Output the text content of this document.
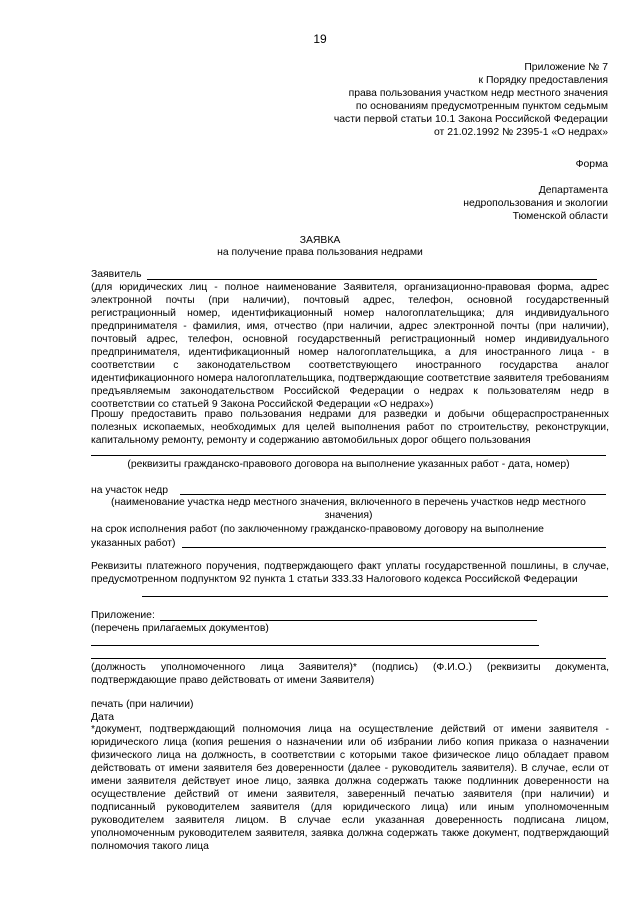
19
Приложение № 7
к Порядку предоставления
права пользования участком недр местного значения
по основаниям предусмотренным пунктом седьмым
части первой статьи 10.1 Закона Российской Федерации
от 21.02.1992 № 2395-1 «О недрах»
Форма
Департамента
недропользования и экологии
Тюменской области
ЗАЯВКА
на получение права пользования недрами
Заявитель

(для юридических лиц - полное наименование Заявителя, организационно-правовая форма, адрес электронной почты (при наличии), почтовый адрес, телефон, основной государственный регистрационный номер, идентификационный номер налогоплательщика; для индивидуального предпринимателя - фамилия, имя, отчество (при наличии, адрес электронной почты (при наличии), почтовый адрес, телефон, основной государственный регистрационный номер индивидуального предпринимателя, идентификационный номер налогоплательщика, а для иностранного лица - в соответствии с законодательством соответствующего иностранного государства аналог идентификационного номера налогоплательщика, подтверждающие соответствие заявителя требованиям предъявляемым законодательством Российской Федерации о недрах к пользователям недр в соответствии со статьей 9 Закона Российской Федерации «О недрах»)

Прошу предоставить право пользования недрами для разведки и добычи общераспространенных полезных ископаемых, необходимых для целей выполнения работ по строительству, реконструкции, капитальному ремонту, ремонту и содержанию автомобильных дорог общего пользования

(реквизиты гражданско-правового договора на выполнение указанных работ - дата, номер)
на участок недр
(наименование участка недр местного значения, включенного в перечень участков недр местного
значения)

на срок исполнения работ (по заключенному гражданско-правовому договору на выполнение

указанных работ)

Реквизиты платежного поручения, подтверждающего факт уплаты государственной пошлины, в случае, предусмотренном подпунктом 92 пункта 1 статьи 333.33 Налогового кодекса Российской Федерации

Приложение:
(перечень прилагаемых документов)

(должность уполномоченного лица Заявителя)* (подпись) (Ф.И.О.) (реквизиты документа, подтверждающие право действовать от имени Заявителя)

печать (при наличии)
Дата

*документ, подтверждающий полномочия лица на осуществление действий от имени заявителя - юридического лица (копия решения о назначении или об избрании либо копия приказа о назначении физического лица на должность, в соответствии с которыми такое физическое лицо обладает правом действовать от имени заявителя без доверенности (далее - руководитель заявителя). В случае, если от имени заявителя действует иное лицо, заявка должна содержать также подлинник доверенности на осуществление действий от имени заявителя, заверенный печатью заявителя (при наличии) и подписанный руководителем заявителя (для юридического лица) или иным уполномоченным руководителем заявителя лицом. В случае если указанная доверенность подписана лицом, уполномоченным руководителем заявителя, заявка должна содержать также документ, подтверждающий полномочия такого лица
